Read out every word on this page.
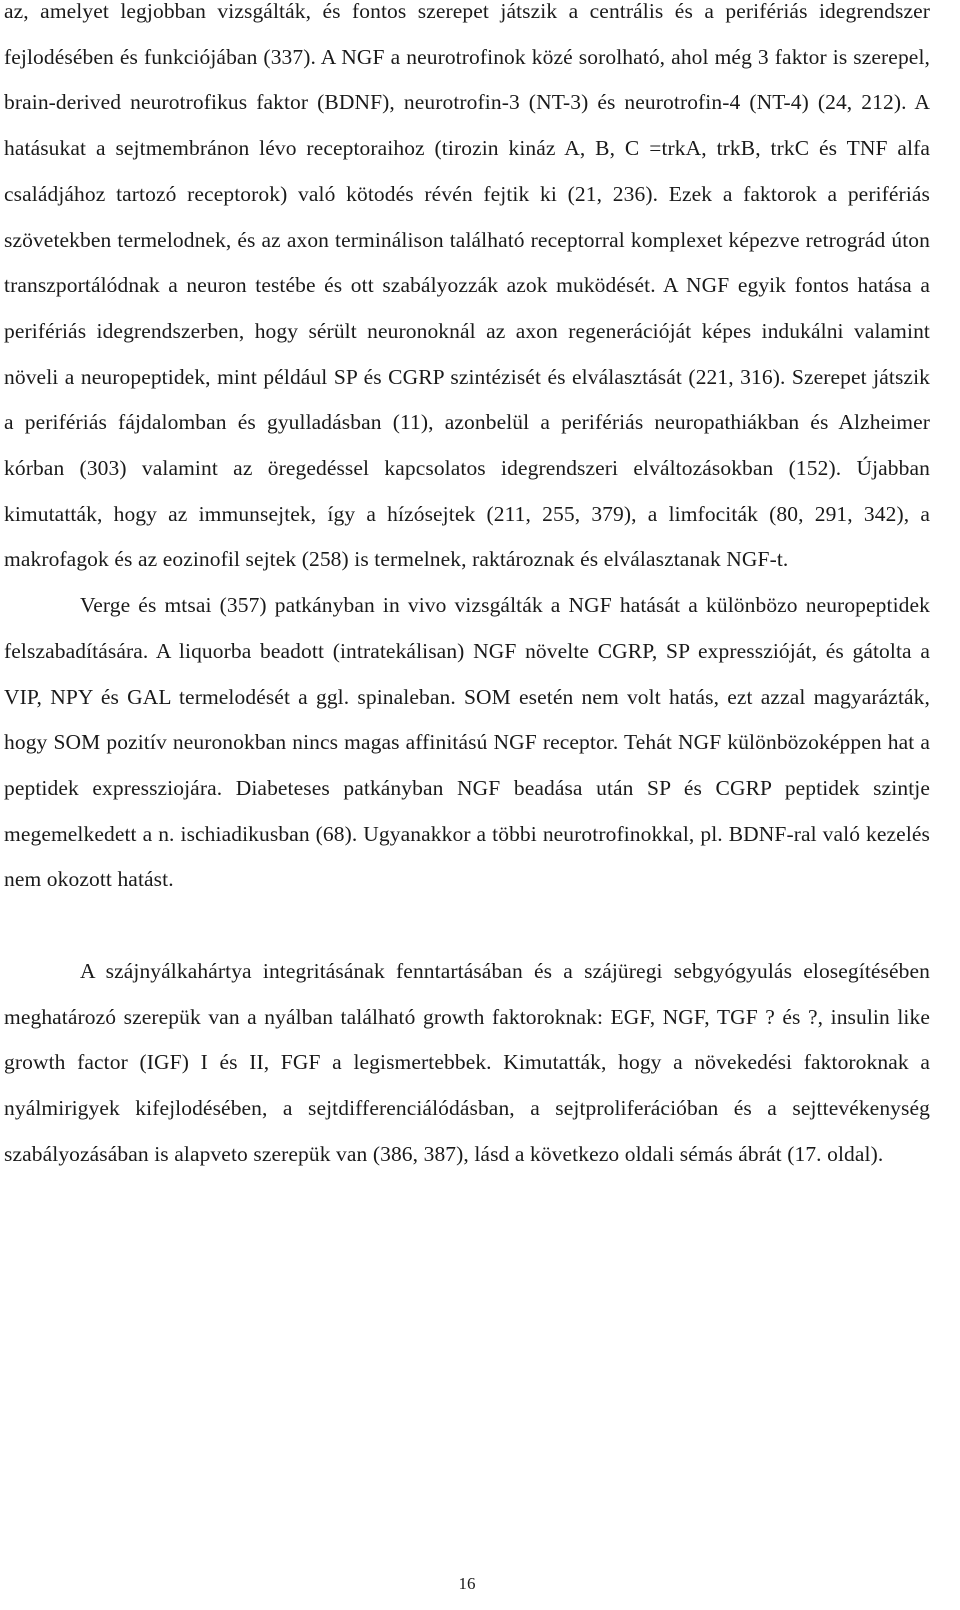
az, amelyet legjobban vizsgálták, és fontos szerepet játszik a centrális és a perifériás idegrendszer fejlodésében és funkciójában (337). A NGF a neurotrofinok közé sorolható, ahol még 3 faktor is szerepel, brain-derived neurotrofikus faktor (BDNF), neurotrofin-3 (NT-3) és neurotrofin-4 (NT-4) (24, 212). A hatásukat a sejtmembránon lévo receptoraihoz (tirozin kináz A, B, C =trkA, trkB, trkC és TNF alfa családjához tartozó receptorok) való kötodés révén fejtik ki (21, 236). Ezek a faktorok a perifériás szövetekben termelodnek, és az axon terminálison található receptorral komplexet képezve retrográd úton transzportálódnak a neuron testébe és ott szabályozzák azok muködését. A NGF egyik fontos hatása a perifériás idegrendszerben, hogy sérült neuronoknál az axon regenerációját képes indukálni valamint növeli a neuropeptidek, mint például SP és CGRP szintézisét és elválasztását (221, 316). Szerepet játszik a perifériás fájdalomban és gyulladásban (11), azonbelül a perifériás neuropathiákban és Alzheimer kórban (303) valamint az öregedéssel kapcsolatos idegrendszeri elváltozásokban (152). Újabban kimutatták, hogy az immunsejtek, így a hízósejtek (211, 255, 379), a limfociták (80, 291, 342), a makrofagok és az eozinofil sejtek (258) is termelnek, raktároznak és elválasztanak NGF-t.

Verge és mtsai (357) patkányban in vivo vizsgálták a NGF hatását a különbözo neuropeptidek felszabadítására. A liquorba beadott (intratekálisan) NGF növelte CGRP, SP expresszióját, és gátolta a VIP, NPY és GAL termelodését a ggl. spinaleban. SOM esetén nem volt hatás, ezt azzal magyarázták, hogy SOM pozitív neuronokban nincs magas affinitású NGF receptor. Tehát NGF különbözoképpen hat a peptidek expressziojára. Diabeteses patkányban NGF beadása után SP és CGRP peptidek szintje megemelkedett a n. ischiadikusban (68). Ugyanakkor a többi neurotrofinokkal, pl. BDNF-ral való kezelés nem okozott hatást.

A szájnyálkahártya integritásának fenntartásában és a szájüregi sebgyógyulás elosegítésében meghatározó szerepük van a nyálban található growth faktoroknak: EGF, NGF, TGF ? és ?, insulin like growth factor (IGF) I és II, FGF a legismertebbek. Kimutatták, hogy a növekedési faktoroknak a nyálmirigyek kifejlodésében, a sejtdifferenciálódásban, a sejtproliferációban és a sejttevékenység szabályozásában is alapveto szerepük van (386, 387), lásd a következo oldali sémás ábrát (17. oldal).

16
